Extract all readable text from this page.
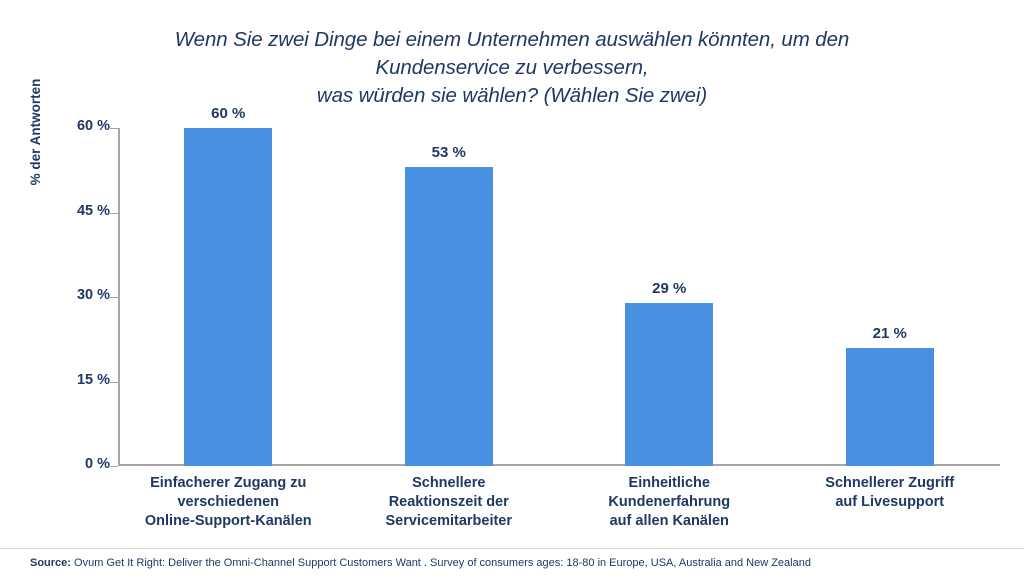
Wenn Sie zwei Dinge bei einem Unternehmen auswählen könnten, um den
Kundenservice zu verbessern,
was würden sie wählen? (Wählen Sie zwei)
% der Antworten
0 %
15 %
30 %
45 %
60 %
60 %
53 %
29 %
21 %
Einfacherer Zugang zu
verschiedenen
Online-Support-Kanälen
Schnellere
Reaktionszeit der
Servicemitarbeiter
Einheitliche
Kundenerfahrung
auf allen Kanälen
Schnellerer Zugriff
auf Livesupport
Source: Ovum Get It Right: Deliver the Omni-Channel Support Customers Want . Survey of consumers ages: 18-80 in Europe, USA, Australia and New Zealand
